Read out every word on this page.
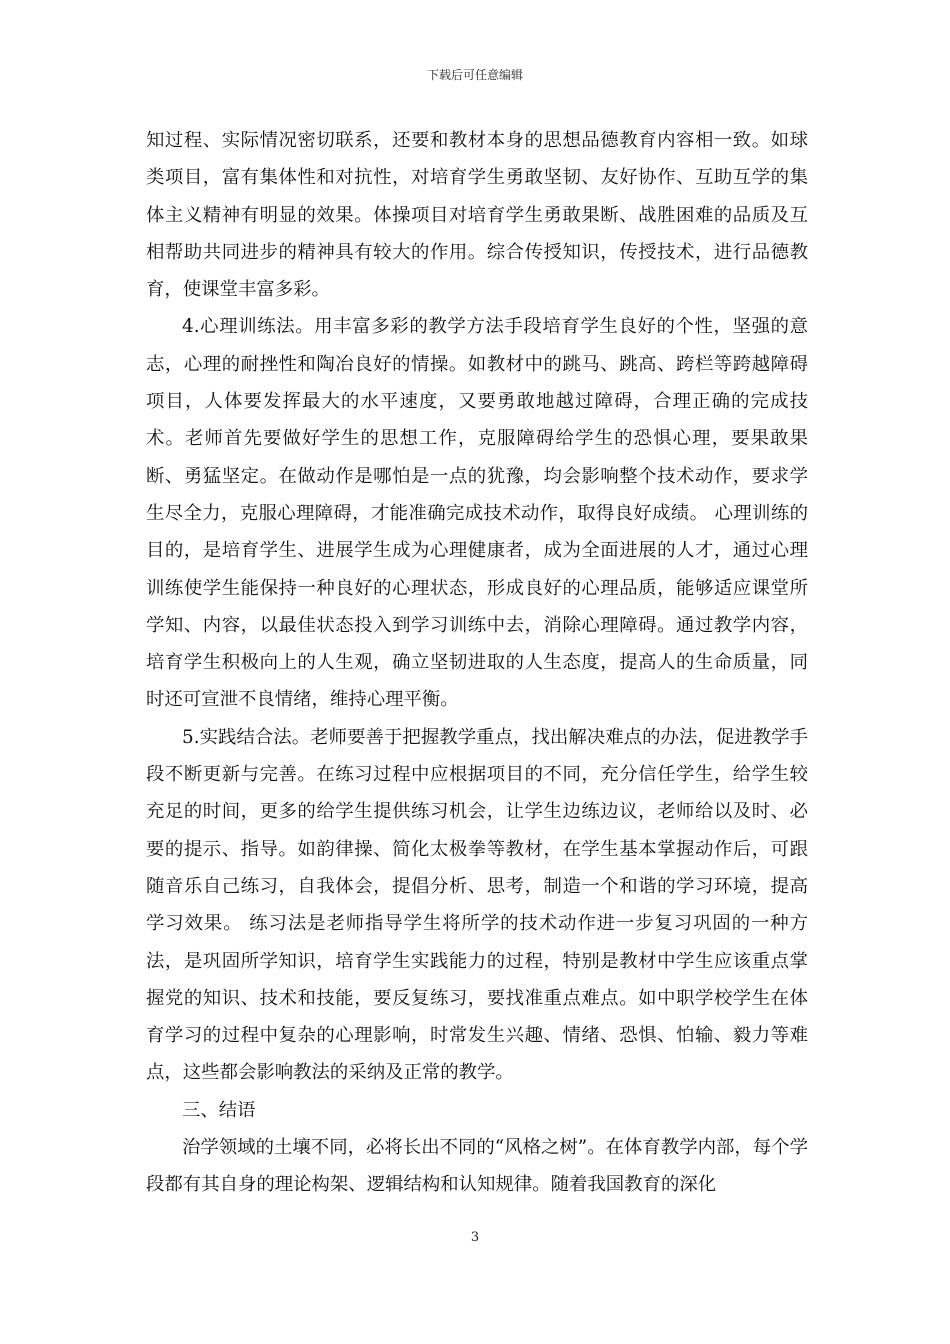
下载后可任意编辑

知过程、实际情况密切联系，还要和教材本身的思想品德教育内容相一致。如球类项目，富有集体性和对抗性，对培育学生勇敢坚韧、友好协作、互助互学的集体主义精神有明显的效果。体操项目对培育学生勇敢果断、战胜困难的品质及互相帮助共同进步的精神具有较大的作用。综合传授知识，传授技术，进行品德教育，使课堂丰富多彩。

4.心理训练法。用丰富多彩的教学方法手段培育学生良好的个性，坚强的意志，心理的耐挫性和陶冶良好的情操。如教材中的跳马、跳高、跨栏等跨越障碍项目，人体要发挥最大的水平速度，又要勇敢地越过障碍，合理正确的完成技术。老师首先要做好学生的思想工作，克服障碍给学生的恐惧心理，要果敢果断、勇猛坚定。在做动作是哪怕是一点的犹豫，均会影响整个技术动作，要求学生尽全力，克服心理障碍，才能准确完成技术动作，取得良好成绩。 心理训练的目的，是培育学生、进展学生成为心理健康者，成为全面进展的人才，通过心理训练使学生能保持一种良好的心理状态，形成良好的心理品质，能够适应课堂所学知、内容，以最佳状态投入到学习训练中去，消除心理障碍。通过教学内容，培育学生积极向上的人生观，确立坚韧进取的人生态度，提高人的生命质量，同时还可宣泄不良情绪，维持心理平衡。

5.实践结合法。老师要善于把握教学重点，找出解决难点的办法，促进教学手段不断更新与完善。在练习过程中应根据项目的不同，充分信任学生，给学生较充足的时间，更多的给学生提供练习机会，让学生边练边议，老师给以及时、必要的提示、指导。如韵律操、简化太极拳等教材，在学生基本掌握动作后，可跟随音乐自己练习，自我体会，提倡分析、思考，制造一个和谐的学习环境，提高学习效果。 练习法是老师指导学生将所学的技术动作进一步复习巩固的一种方法，是巩固所学知识，培育学生实践能力的过程，特别是教材中学生应该重点掌握党的知识、技术和技能，要反复练习，要找准重点难点。如中职学校学生在体育学习的过程中复杂的心理影响，时常发生兴趣、情绪、恐惧、怕输、毅力等难点，这些都会影响教法的采纳及正常的教学。

三、结语

治学领域的土壤不同，必将长出不同的“风格之树”。在体育教学内部，每个学段都有其自身的理论构架、逻辑结构和认知规律。随着我国教育的深化

3
